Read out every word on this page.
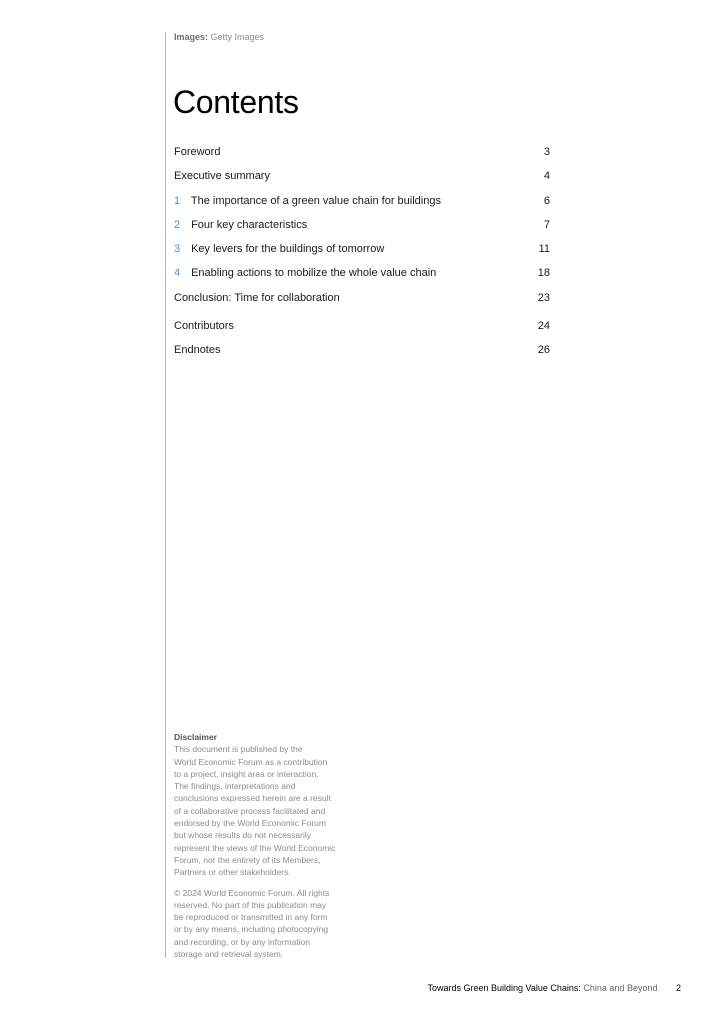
Images: Getty Images
Contents
Foreword	3
Executive summary	4
1 The importance of a green value chain for buildings	6
2 Four key characteristics	7
3 Key levers for the buildings of tomorrow	11
4 Enabling actions to mobilize the whole value chain	18
Conclusion: Time for collaboration	23
Contributors	24
Endnotes	26
Disclaimer

This document is published by the
World Economic Forum as a contribution
to a project, insight area or interaction.
The findings, interpretations and
conclusions expressed herein are a result
of a collaborative process facilitated and
endorsed by the World Economic Forum
but whose results do not necessarily
represent the views of the World Economic
Forum, nor the entirety of its Members,
Partners or other stakeholders.

© 2024 World Economic Forum. All rights
reserved. No part of this publication may
be reproduced or transmitted in any form
or by any means, including photocopying
and recording, or by any information
storage and retrieval system.

Towards Green Building Value Chains: China and Beyond 2
